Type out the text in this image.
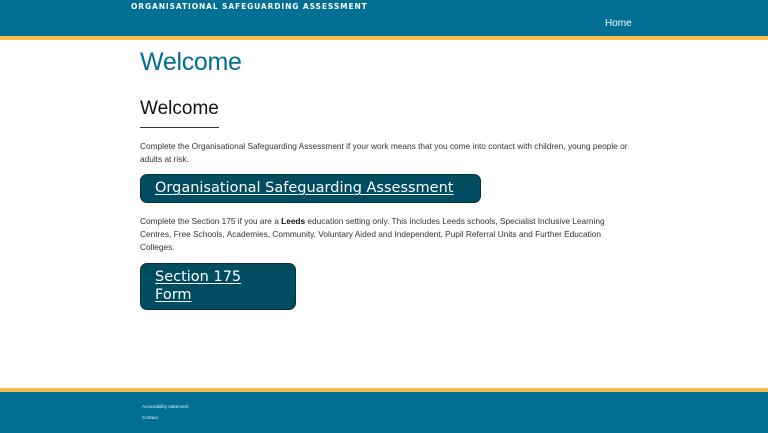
ORGANISATIONAL SAFEGUARDING ASSESSMENT
Home
Welcome
Welcome

Complete the Organisational Safeguarding Assessment if your work means that you come into contact with children, young people or adults at risk.

Organisational Safeguarding Assessment

Complete the Section 175 if you are a Leeds education setting only. This includes Leeds schools, Specialist Inclusive Learning Centres, Free Schools, Academies, Community, Voluntary Aided and Independent, Pupil Referral Units and Further Education Colleges.

Section 175 Form
Accessibility statement
Contact
